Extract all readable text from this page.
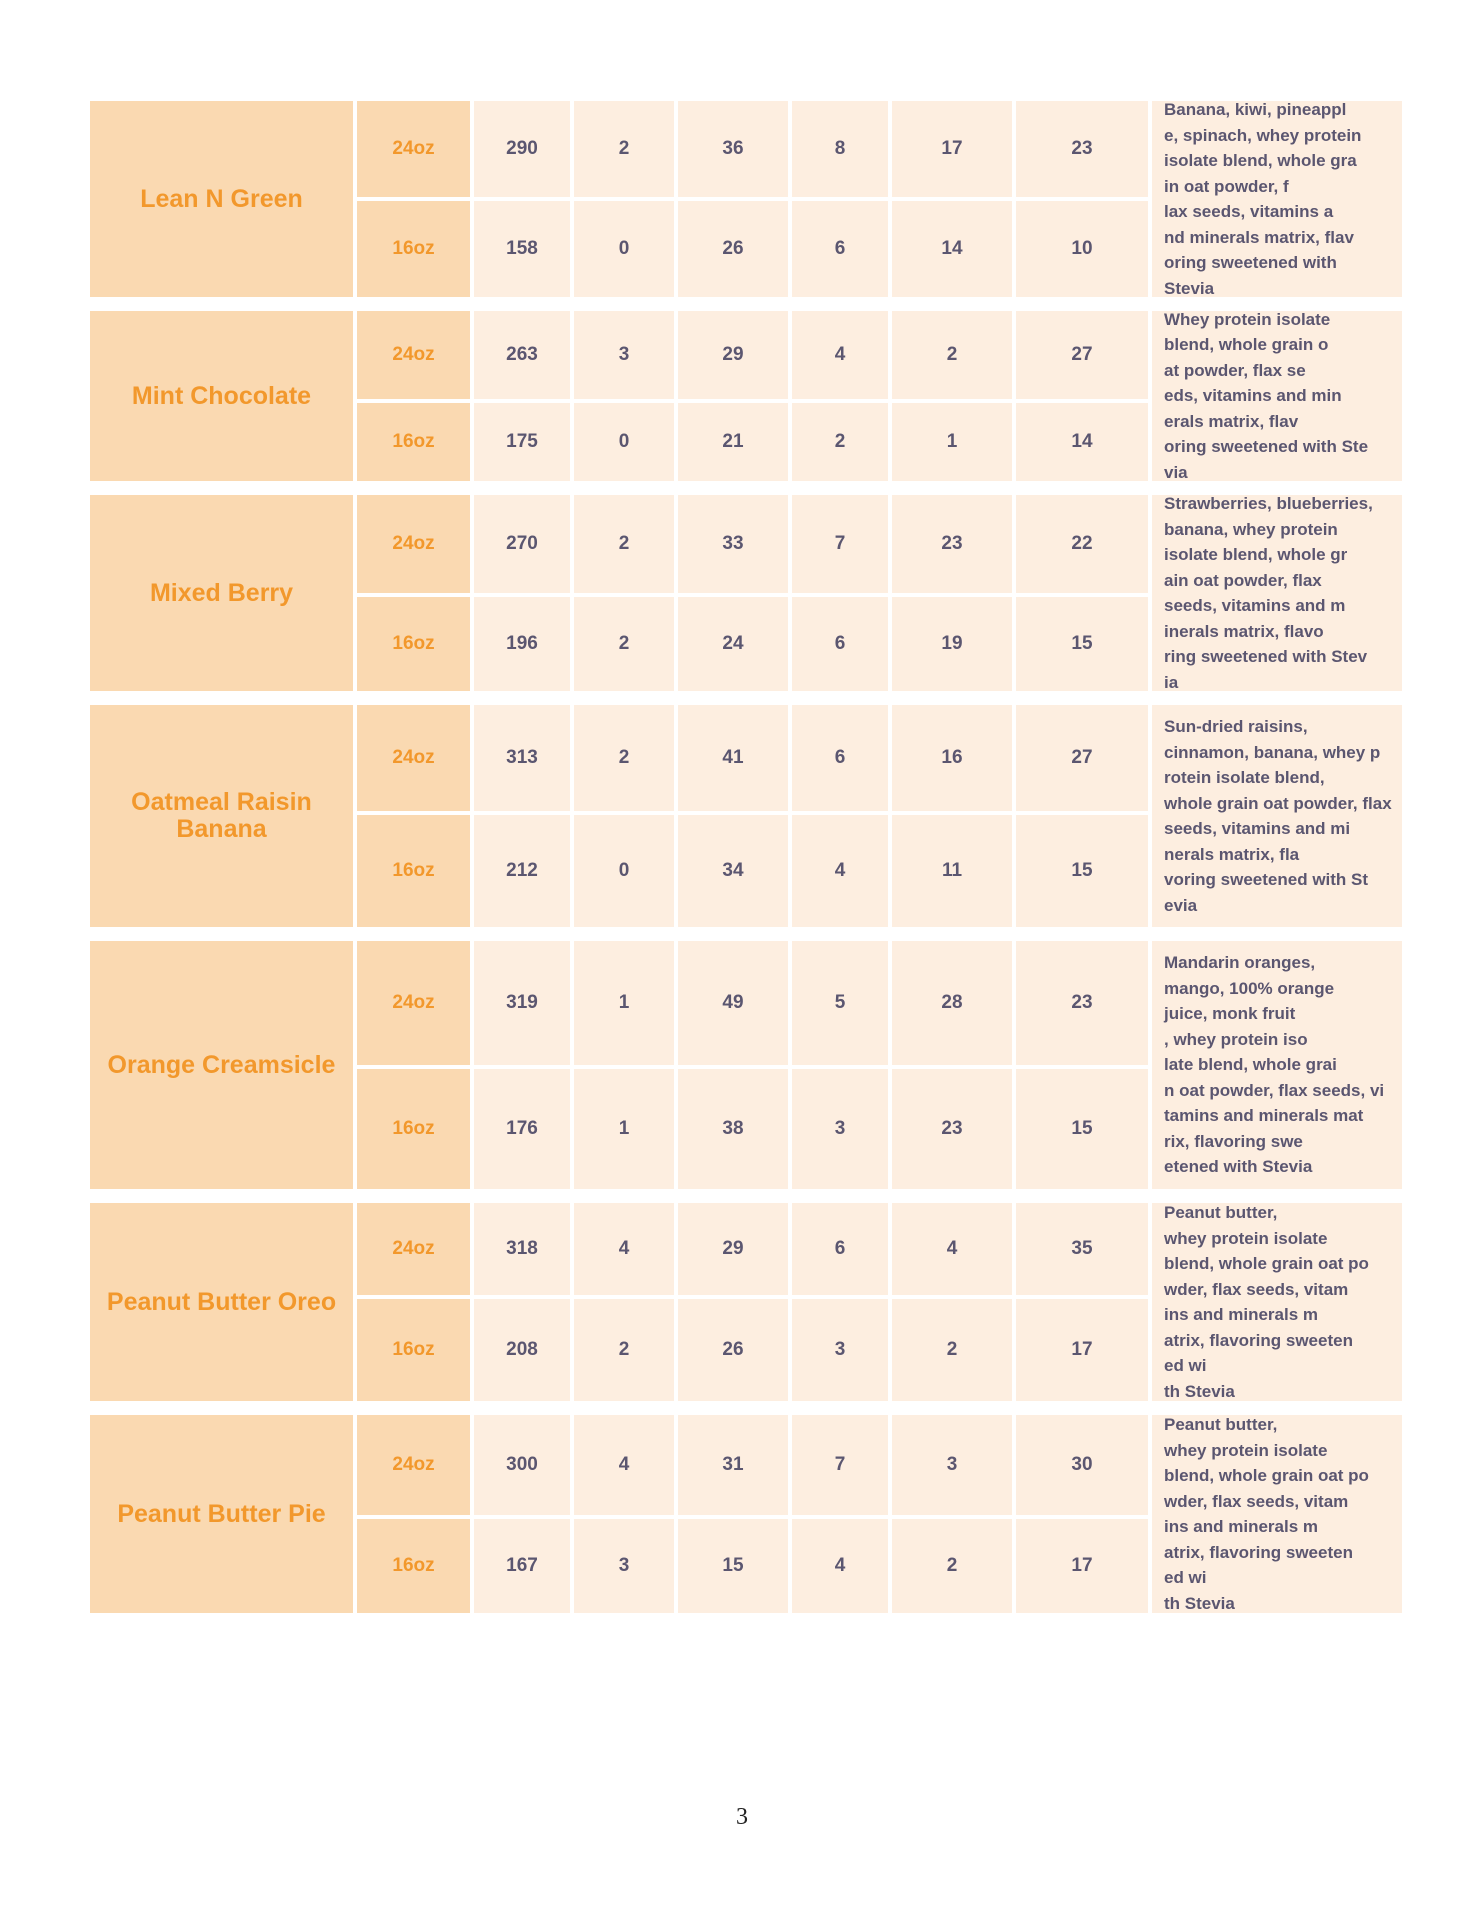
Lean N Green
24oz	290	2	36	8	17	23
16oz	158	0	26	6	14	10
Banana, kiwi, pineappl
e, spinach, whey protein
isolate blend, whole gra
in oat powder, f
lax seeds, vitamins a
nd minerals matrix, flav
oring sweetened with
Stevia
Mint Chocolate
24oz	263	3	29	4	2	27
16oz	175	0	21	2	1	14
Whey protein isolate
blend, whole grain o
at powder, flax se
eds, vitamins and min
erals matrix, flav
oring sweetened with Ste
via
Mixed Berry
24oz	270	2	33	7	23	22
16oz	196	2	24	6	19	15
Strawberries, blueberries,
banana, whey protein
isolate blend, whole gr
ain oat powder, flax
seeds, vitamins and m
inerals matrix, flavo
ring sweetened with Stev
ia
Oatmeal Raisin Banana
24oz	313	2	41	6	16	27
16oz	212	0	34	4	11	15
Sun-dried raisins,
cinnamon, banana, whey p
rotein isolate blend,
whole grain oat powder, flax
seeds, vitamins and mi
nerals matrix, fla
voring sweetened with St
evia
Orange Creamsicle
24oz	319	1	49	5	28	23
16oz	176	1	38	3	23	15
Mandarin oranges,
mango, 100% orange
juice, monk fruit
, whey protein iso
late blend, whole grai
n oat powder, flax seeds, vi
tamins and minerals mat
rix, flavoring swe
etened with Stevia
Peanut Butter Oreo
24oz	318	4	29	6	4	35
16oz	208	2	26	3	2	17
Peanut butter,
whey protein isolate
blend, whole grain oat po
wder, flax seeds, vitam
ins and minerals m
atrix, flavoring sweeten
ed wi
th Stevia
Peanut Butter Pie
24oz	300	4	31	7	3	30
16oz	167	3	15	4	2	17
Peanut butter,
whey protein isolate
blend, whole grain oat po
wder, flax seeds, vitam
ins and minerals m
atrix, flavoring sweeten
ed wi
th Stevia
3
